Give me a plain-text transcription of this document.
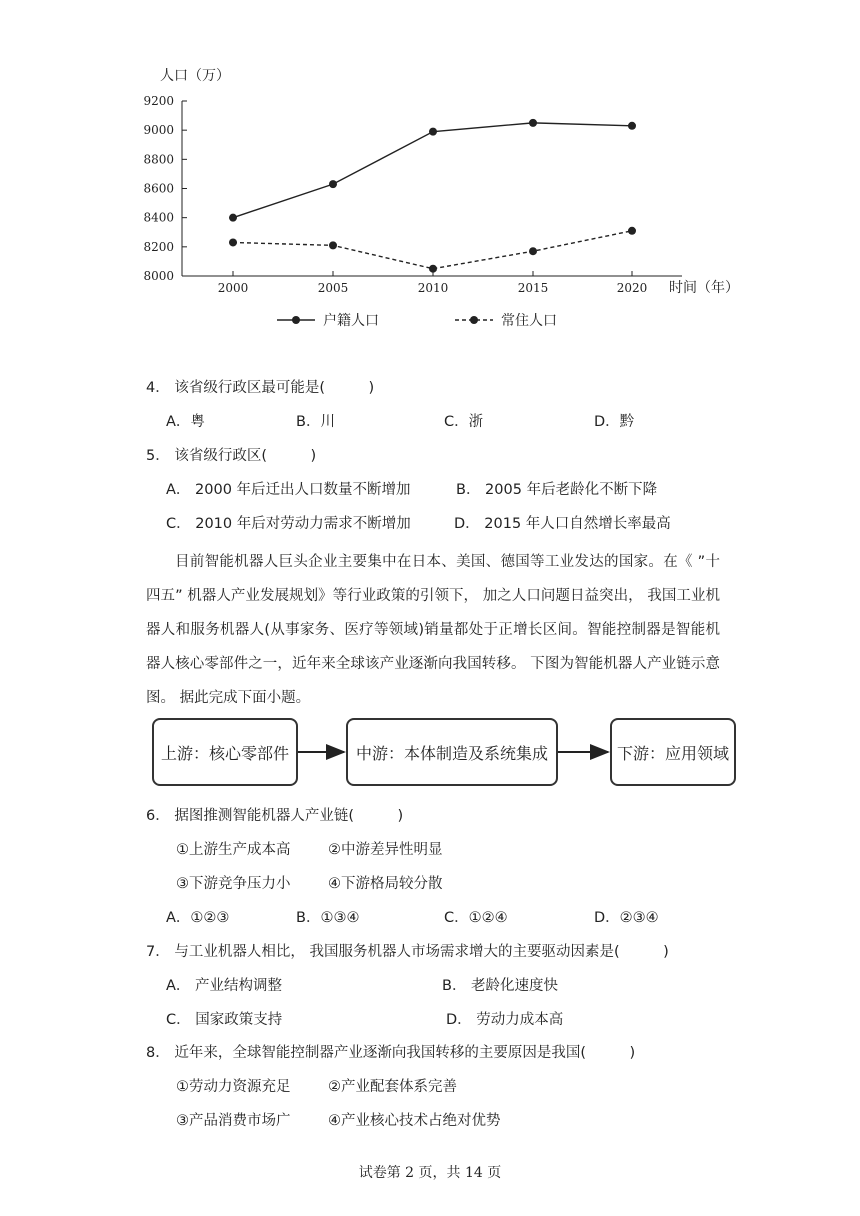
9200
9000
8800
8600
8400
8200
8000
2000	2005	2010	2015	2020
人口（万）
时间（年）
户籍人口	常住人口
4． 该省级行政区最可能是(　　　)
A．粤	B．川	C．浙	D．黔
5． 该省级行政区(　　　)
A． 2000 年后迁出人口数量不断增加	B． 2005 年后老龄化不断下降
C． 2010 年后对劳动力需求不断增加	D． 2015 年人口自然增长率最高
目前智能机器人巨头企业主要集中在日本、美国、德国等工业发达的国家。在《 ”十四五” 机器人产业发展规划》等行业政策的引领下， 加之人口问题日益突出， 我国工业机器人和服务机器人(从事家务、医疗等领域)销量都处于正增长区间。智能控制器是智能机器人核心零部件之一，近年来全球该产业逐渐向我国转移。 下图为智能机器人产业链示意图。 据此完成下面小题。
上游：核心零部件	中游：本体制造及系统集成	下游：应用领域
6． 据图推测智能机器人产业链(　　　)
①上游生产成本高	②中游差异性明显
③下游竞争压力小	④下游格局较分散
A．①②③	B．①③④	C．①②④	D．②③④
7． 与工业机器人相比， 我国服务机器人市场需求增大的主要驱动因素是(　　　)
A． 产业结构调整	B． 老龄化速度快
C． 国家政策支持	D． 劳动力成本高
8． 近年来，全球智能控制器产业逐渐向我国转移的主要原因是我国(　　　)
①劳动力资源充足	②产业配套体系完善
③产品消费市场广	④产业核心技术占绝对优势
试卷第 2 页，共 14 页
